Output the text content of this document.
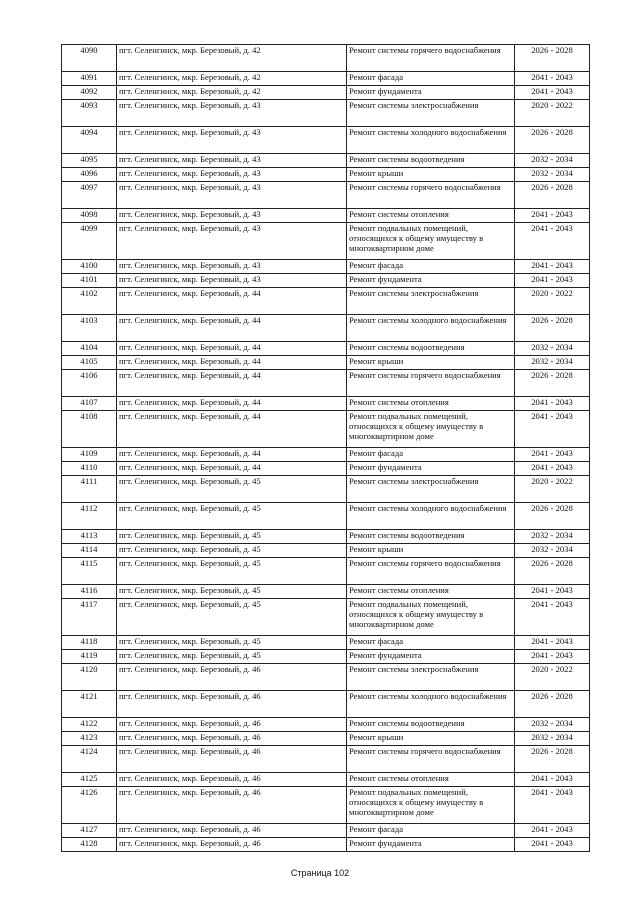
4090	пгт. Селенгинск, мкр. Березовый, д. 42	Ремонт системы горячего водоснабжения	2026 - 2028
4091	пгт. Селенгинск, мкр. Березовый, д. 42	Ремонт фасада	2041 - 2043
4092	пгт. Селенгинск, мкр. Березовый, д. 42	Ремонт фундамента	2041 - 2043
4093	пгт. Селенгинск, мкр. Березовый, д. 43	Ремонт системы электроснабжения	2020 - 2022
4094	пгт. Селенгинск, мкр. Березовый, д. 43	Ремонт системы холодного водоснабжения	2026 - 2028
4095	пгт. Селенгинск, мкр. Березовый, д. 43	Ремонт системы водоотведения	2032 - 2034
4096	пгт. Селенгинск, мкр. Березовый, д. 43	Ремонт крыши	2032 - 2034
4097	пгт. Селенгинск, мкр. Березовый, д. 43	Ремонт системы горячего водоснабжения	2026 - 2028
4098	пгт. Селенгинск, мкр. Березовый, д. 43	Ремонт системы отопления	2041 - 2043
4099	пгт. Селенгинск, мкр. Березовый, д. 43	Ремонт подвальных помещений, относящихся к общему имуществу в многоквартирном доме	2041 - 2043
4100	пгт. Селенгинск, мкр. Березовый, д. 43	Ремонт фасада	2041 - 2043
4101	пгт. Селенгинск, мкр. Березовый, д. 43	Ремонт фундамента	2041 - 2043
4102	пгт. Селенгинск, мкр. Березовый, д. 44	Ремонт системы электроснабжения	2020 - 2022
4103	пгт. Селенгинск, мкр. Березовый, д. 44	Ремонт системы холодного водоснабжения	2026 - 2028
4104	пгт. Селенгинск, мкр. Березовый, д. 44	Ремонт системы водоотведения	2032 - 2034
4105	пгт. Селенгинск, мкр. Березовый, д. 44	Ремонт крыши	2032 - 2034
4106	пгт. Селенгинск, мкр. Березовый, д. 44	Ремонт системы горячего водоснабжения	2026 - 2028
4107	пгт. Селенгинск, мкр. Березовый, д. 44	Ремонт системы отопления	2041 - 2043
4108	пгт. Селенгинск, мкр. Березовый, д. 44	Ремонт подвальных помещений, относящихся к общему имуществу в многоквартирном доме	2041 - 2043
4109	пгт. Селенгинск, мкр. Березовый, д. 44	Ремонт фасада	2041 - 2043
4110	пгт. Селенгинск, мкр. Березовый, д. 44	Ремонт фундамента	2041 - 2043
4111	пгт. Селенгинск, мкр. Березовый, д. 45	Ремонт системы электроснабжения	2020 - 2022
4112	пгт. Селенгинск, мкр. Березовый, д. 45	Ремонт системы холодного водоснабжения	2026 - 2028
4113	пгт. Селенгинск, мкр. Березовый, д. 45	Ремонт системы водоотведения	2032 - 2034
4114	пгт. Селенгинск, мкр. Березовый, д. 45	Ремонт крыши	2032 - 2034
4115	пгт. Селенгинск, мкр. Березовый, д. 45	Ремонт системы горячего водоснабжения	2026 - 2028
4116	пгт. Селенгинск, мкр. Березовый, д. 45	Ремонт системы отопления	2041 - 2043
4117	пгт. Селенгинск, мкр. Березовый, д. 45	Ремонт подвальных помещений, относящихся к общему имуществу в многоквартирном доме	2041 - 2043
4118	пгт. Селенгинск, мкр. Березовый, д. 45	Ремонт фасада	2041 - 2043
4119	пгт. Селенгинск, мкр. Березовый, д. 45	Ремонт фундамента	2041 - 2043
4120	пгт. Селенгинск, мкр. Березовый, д. 46	Ремонт системы электроснабжения	2020 - 2022
4121	пгт. Селенгинск, мкр. Березовый, д. 46	Ремонт системы холодного водоснабжения	2026 - 2028
4122	пгт. Селенгинск, мкр. Березовый, д. 46	Ремонт системы водоотведения	2032 - 2034
4123	пгт. Селенгинск, мкр. Березовый, д. 46	Ремонт крыши	2032 - 2034
4124	пгт. Селенгинск, мкр. Березовый, д. 46	Ремонт системы горячего водоснабжения	2026 - 2028
4125	пгт. Селенгинск, мкр. Березовый, д. 46	Ремонт системы отопления	2041 - 2043
4126	пгт. Селенгинск, мкр. Березовый, д. 46	Ремонт подвальных помещений, относящихся к общему имуществу в многоквартирном доме	2041 - 2043
4127	пгт. Селенгинск, мкр. Березовый, д. 46	Ремонт фасада	2041 - 2043
4128	пгт. Селенгинск, мкр. Березовый, д. 46	Ремонт фундамента	2041 - 2043
Страница 102
